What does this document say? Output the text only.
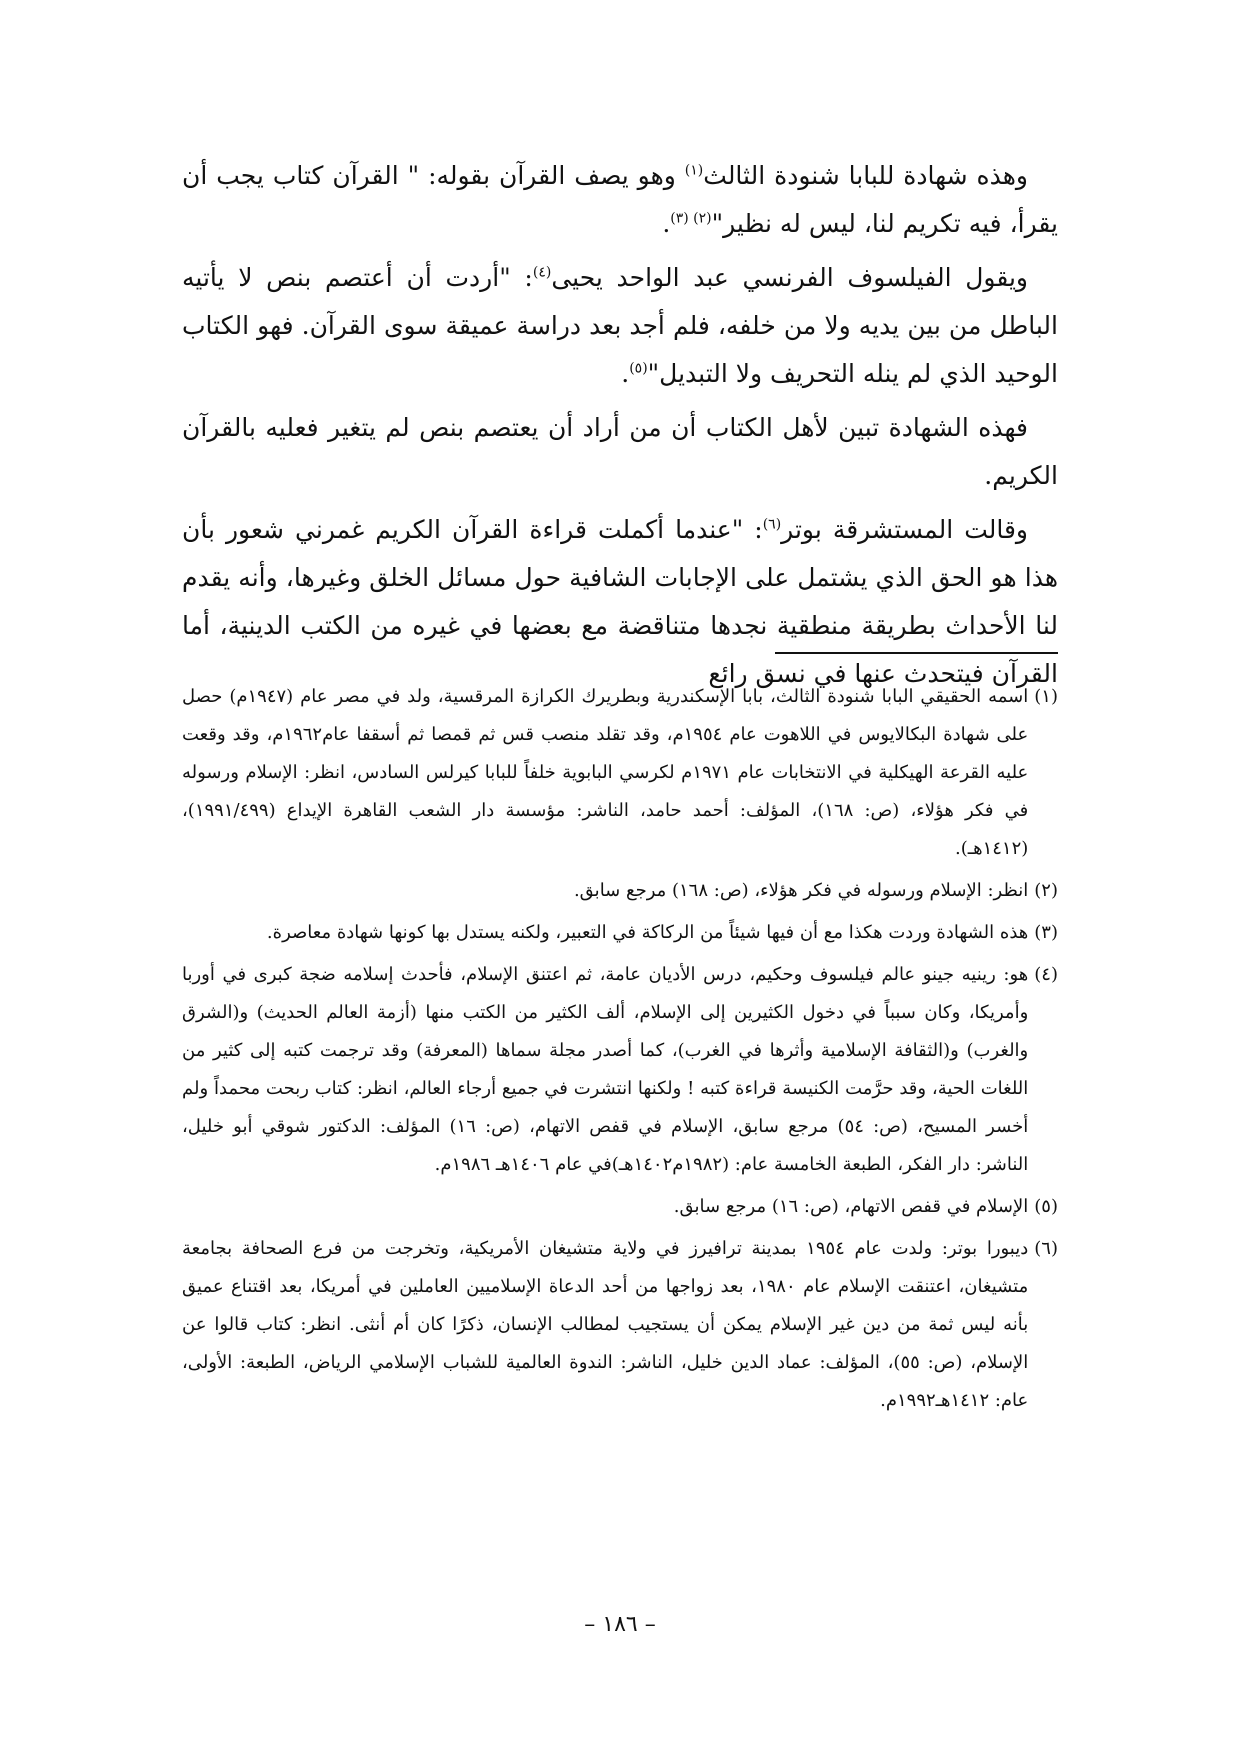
وهذه شهادة للبابا شنودة الثالث$^{(١)}$ وهو يصف القرآن بقوله: " القرآن كتاب يجب أن يقرأ، فيه تكريم لنا، ليس له نظير"$^{(٢) (٣)}$.

ويقول الفيلسوف الفرنسي عبد الواحد يحيى$^{(٤)}$: "أردت أن أعتصم بنص لا يأتيه الباطل من بين يديه ولا من خلفه، فلم أجد بعد دراسة عميقة سوى القرآن. فهو الكتاب الوحيد الذي لم ينله التحريف ولا التبديل"$^{(٥)}$.

فهذه الشهادة تبين لأهل الكتاب أن من أراد أن يعتصم بنص لم يتغير فعليه بالقرآن الكريم.

وقالت المستشرقة بوتر$^{(٦)}$: "عندما أكملت قراءة القرآن الكريم غمرني شعور بأن هذا هو الحق الذي يشتمل على الإجابات الشافية حول مسائل الخلق وغيرها، وأنه يقدم لنا الأحداث بطريقة منطقية نجدها متناقضة مع بعضها في غيره من الكتب الدينية، أما القرآن فيتحدث عنها في نسق رائع

(١)
اسمه الحقيقي البابا شنودة الثالث، بابا الإسكندرية وبطريرك الكرازة المرقسية، ولد في مصر عام (١٩٤٧م) حصل على شهادة البكالايوس في اللاهوت عام ١٩٥٤م، وقد تقلد منصب قس ثم قمصا ثم أسقفا عام١٩٦٢م، وقد وقعت عليه القرعة الهيكلية في الانتخابات عام ١٩٧١م لكرسي البابوية خلفاً للبابا كيرلس السادس، انظر: الإسلام ورسوله في فكر هؤلاء، (ص: ١٦٨)، المؤلف: أحمد حامد، الناشر: مؤسسة دار الشعب القاهرة الإيداع (١٩٩١/٤٩٩)، (١٤١٢هـ).
(٢)
انظر: الإسلام ورسوله في فكر هؤلاء، (ص: ١٦٨) مرجع سابق.
(٣)
هذه الشهادة وردت هكذا مع أن فيها شيئاً من الركاكة في التعبير، ولكنه يستدل بها كونها شهادة معاصرة.
(٤)
هو: رينيه جينو عالم فيلسوف وحكيم، درس الأديان عامة، ثم اعتنق الإسلام، فأحدث إسلامه ضجة كبرى في أوربا وأمريكا، وكان سبباً في دخول الكثيرين إلى الإسلام، ألف الكثير من الكتب منها (أزمة العالم الحديث) و(الشرق والغرب) و(الثقافة الإسلامية وأثرها في الغرب)، كما أصدر مجلة سماها (المعرفة) وقد ترجمت كتبه إلى كثير من اللغات الحية، وقد حرَّمت الكنيسة قراءة كتبه ! ولكنها انتشرت في جميع أرجاء العالم، انظر: كتاب ربحت محمداً ولم أخسر المسيح، (ص: ٥٤) مرجع سابق، الإسلام في قفص الاتهام، (ص: ١٦) المؤلف: الدكتور شوقي أبو خليل، الناشر: دار الفكر، الطبعة الخامسة عام: (١٩٨٢م١٤٠٢هـ)في عام ١٤٠٦هـ ١٩٨٦م.
(٥)
الإسلام في قفص الاتهام، (ص: ١٦) مرجع سابق.
(٦)
ديبورا بوتر: ولدت عام ١٩٥٤ بمدينة ترافيرز في ولاية متشيغان الأمريكية، وتخرجت من فرع الصحافة بجامعة متشيغان، اعتنقت الإسلام عام ١٩٨٠، بعد زواجها من أحد الدعاة الإسلاميين العاملين في أمريكا، بعد اقتناع عميق بأنه ليس ثمة من دين غير الإسلام يمكن أن يستجيب لمطالب الإنسان، ذكرًا كان أم أنثى. انظر: كتاب قالوا عن الإسلام، (ص: ٥٥)، المؤلف: عماد الدين خليل، الناشر: الندوة العالمية للشباب الإسلامي الرياض، الطبعة: الأولى، عام: ١٤١٢هـ١٩٩٢م.
– ١٨٦ –
